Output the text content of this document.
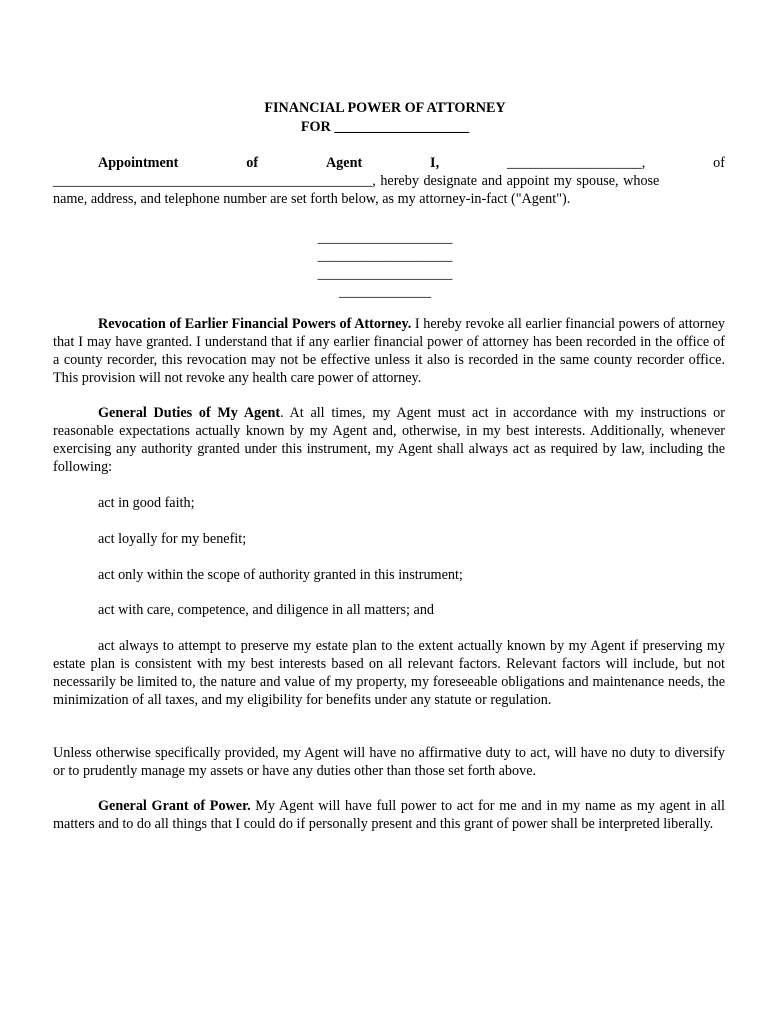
FINANCIAL POWER OF ATTORNEY
FOR ___________________
Appointment	of	Agent	I,	___________________,	of
_____________________________________________, hereby designate and appoint my spouse, whose
name, address, and telephone number are set forth below, as my attorney-in-fact ("Agent").
___________________
___________________
___________________
_____________
Revocation of Earlier Financial Powers of Attorney. I hereby revoke all earlier financial powers of attorney that I may have granted. I understand that if any earlier financial power of attorney has been recorded in the office of a county recorder, this revocation may not be effective unless it also is recorded in the same county recorder office. This provision will not revoke any health care power of attorney.
General Duties of My Agent. At all times, my Agent must act in accordance with my instructions or reasonable expectations actually known by my Agent and, otherwise, in my best interests. Additionally, whenever exercising any authority granted under this instrument, my Agent shall always act as required by law, including the following:
act in good faith;
act loyally for my benefit;
act only within the scope of authority granted in this instrument;
act with care, competence, and diligence in all matters; and
act always to attempt to preserve my estate plan to the extent actually known by my Agent if preserving my estate plan is consistent with my best interests based on all relevant factors. Relevant factors will include, but not necessarily be limited to, the nature and value of my property, my foreseeable obligations and maintenance needs, the minimization of all taxes, and my eligibility for benefits under any statute or regulation.
Unless otherwise specifically provided, my Agent will have no affirmative duty to act, will have no duty to diversify or to prudently manage my assets or have any duties other than those set forth above.
General Grant of Power. My Agent will have full power to act for me and in my name as my agent in all matters and to do all things that I could do if personally present and this grant of power shall be interpreted liberally.
